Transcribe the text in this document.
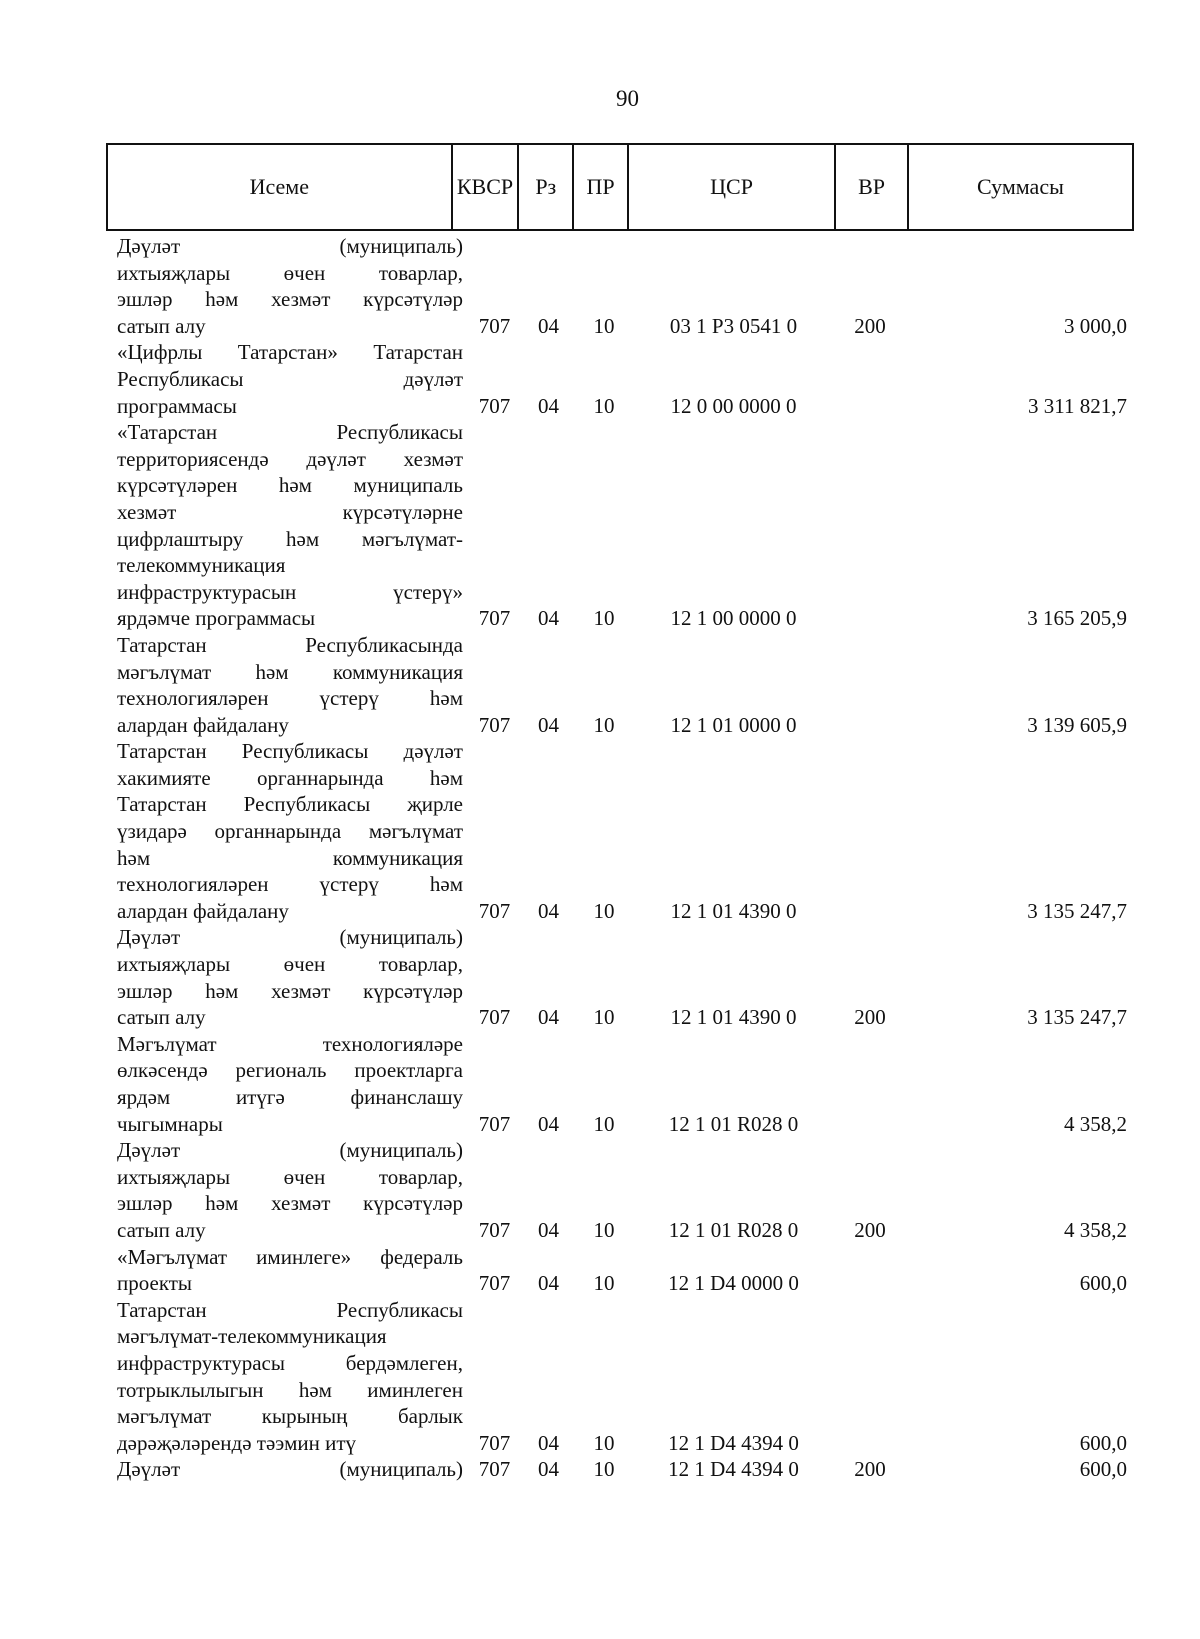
90
Исеме	КВСР	Рз	ПР	ЦСР	ВР	Суммасы
Дәүләт (муниципаль)
ихтыяҗлары өчен товарлар,
эшләр һәм хезмәт күрсәтүләр
сатып алу	707	04	10	03 1 Р3 0541 0	200	3 000,0
«Цифрлы Татарстан» Татарстан
Республикасы дәүләт
программасы	707	04	10	12 0 00 0000 0	3 311 821,7
«Татарстан Республикасы
территориясендә дәүләт хезмәт
күрсәтүләрен һәм муниципаль
хезмәт күрсәтүләрне
цифрлаштыру һәм мәгълүмат-
телекоммуникация
инфраструктурасын үстерү»
ярдәмче программасы	707	04	10	12 1 00 0000 0	3 165 205,9
Татарстан Республикасында
мәгълүмат һәм коммуникация
технологияләрен үстерү һәм
алардан файдалану	707	04	10	12 1 01 0000 0	3 139 605,9
Татарстан Республикасы дәүләт
хакимияте органнарында һәм
Татарстан Республикасы җирле
үзидарә органнарында мәгълүмат
һәм коммуникация
технологияләрен үстерү һәм
алардан файдалану	707	04	10	12 1 01 4390 0	3 135 247,7
Дәүләт (муниципаль)
ихтыяҗлары өчен товарлар,
эшләр һәм хезмәт күрсәтүләр
сатып алу	707	04	10	12 1 01 4390 0	200	3 135 247,7
Мәгълүмат технологияләре
өлкәсендә региональ проектларга
ярдәм итүгә финанслашу
чыгымнары	707	04	10	12 1 01 R028 0	4 358,2
Дәүләт (муниципаль)
ихтыяҗлары өчен товарлар,
эшләр һәм хезмәт күрсәтүләр
сатып алу	707	04	10	12 1 01 R028 0	200	4 358,2
«Мәгълүмат иминлеге» федераль
проекты	707	04	10	12 1 D4 0000 0	600,0
Татарстан Республикасы
мәгълүмат-телекоммуникация
инфраструктурасы бердәмлеген,
тотрыклылыгын һәм иминлеген
мәгълүмат кырының барлык
дәрәҗәләрендә тәэмин итү	707	04	10	12 1 D4 4394 0	600,0
Дәүләт (муниципаль) 707	04	10	12 1 D4 4394 0	200	600,0
